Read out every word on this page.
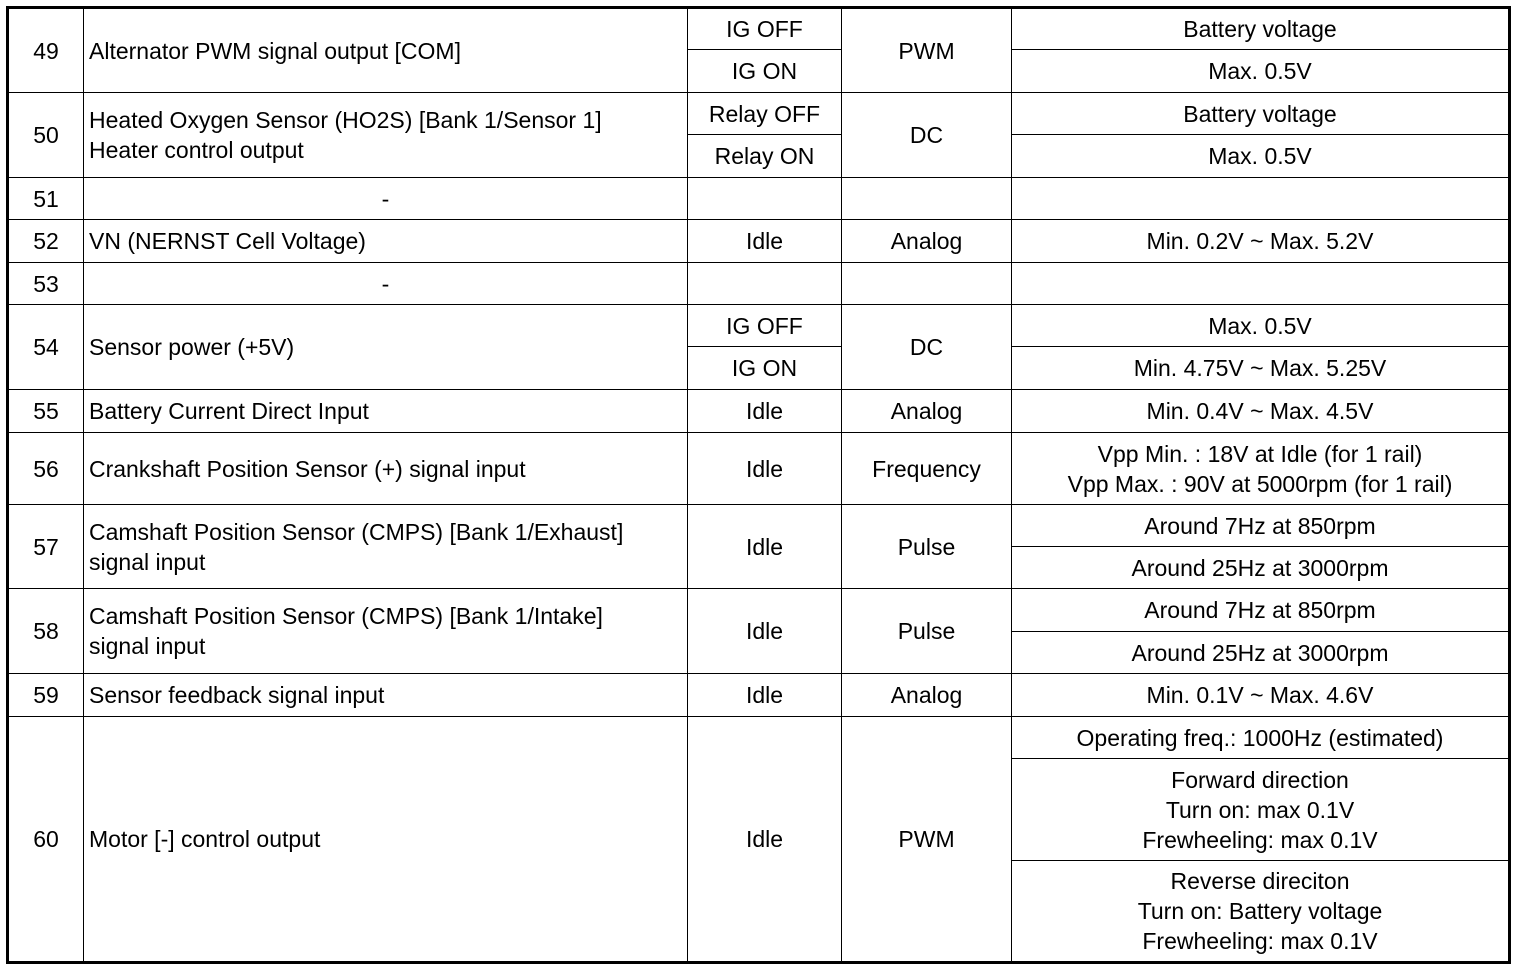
49	Alternator PWM signal output [COM]	IG OFF	PWM	Battery voltage
		IG ON		Max. 0.5V
50	Heated Oxygen Sensor (HO2S) [Bank 1/Sensor 1]
Heater control output	Relay OFF	DC	Battery voltage
		Relay ON		Max. 0.5V
51	-			
52	VN (NERNST Cell Voltage)	Idle	Analog	Min. 0.2V ~ Max. 5.2V
53	-			
54	Sensor power (+5V)	IG OFF	DC	Max. 0.5V
		IG ON		Min. 4.75V ~ Max. 5.25V
55	Battery Current Direct Input	Idle	Analog	Min. 0.4V ~ Max. 4.5V
56	Crankshaft Position Sensor (+) signal input	Idle	Frequency	Vpp Min. : 18V at Idle (for 1 rail)
Vpp Max. : 90V at 5000rpm (for 1 rail)

57	Camshaft Position Sensor (CMPS) [Bank 1/Exhaust]
signal input	Idle	Pulse	Around 7Hz at 850rpm
				Around 25Hz at 3000rpm
58	Camshaft Position Sensor (CMPS) [Bank 1/Intake]
signal input	Idle	Pulse	Around 7Hz at 850rpm
				Around 25Hz at 3000rpm
59	Sensor feedback signal input	Idle	Analog	Min. 0.1V ~ Max. 4.6V
60	Motor [-] control output	Idle	PWM	Operating freq.: 1000Hz (estimated)

				Forward direction
Turn on: max 0.1V
Frewheeling: max 0.1V

				Reverse direciton
Turn on: Battery voltage
Frewheeling: max 0.1V
